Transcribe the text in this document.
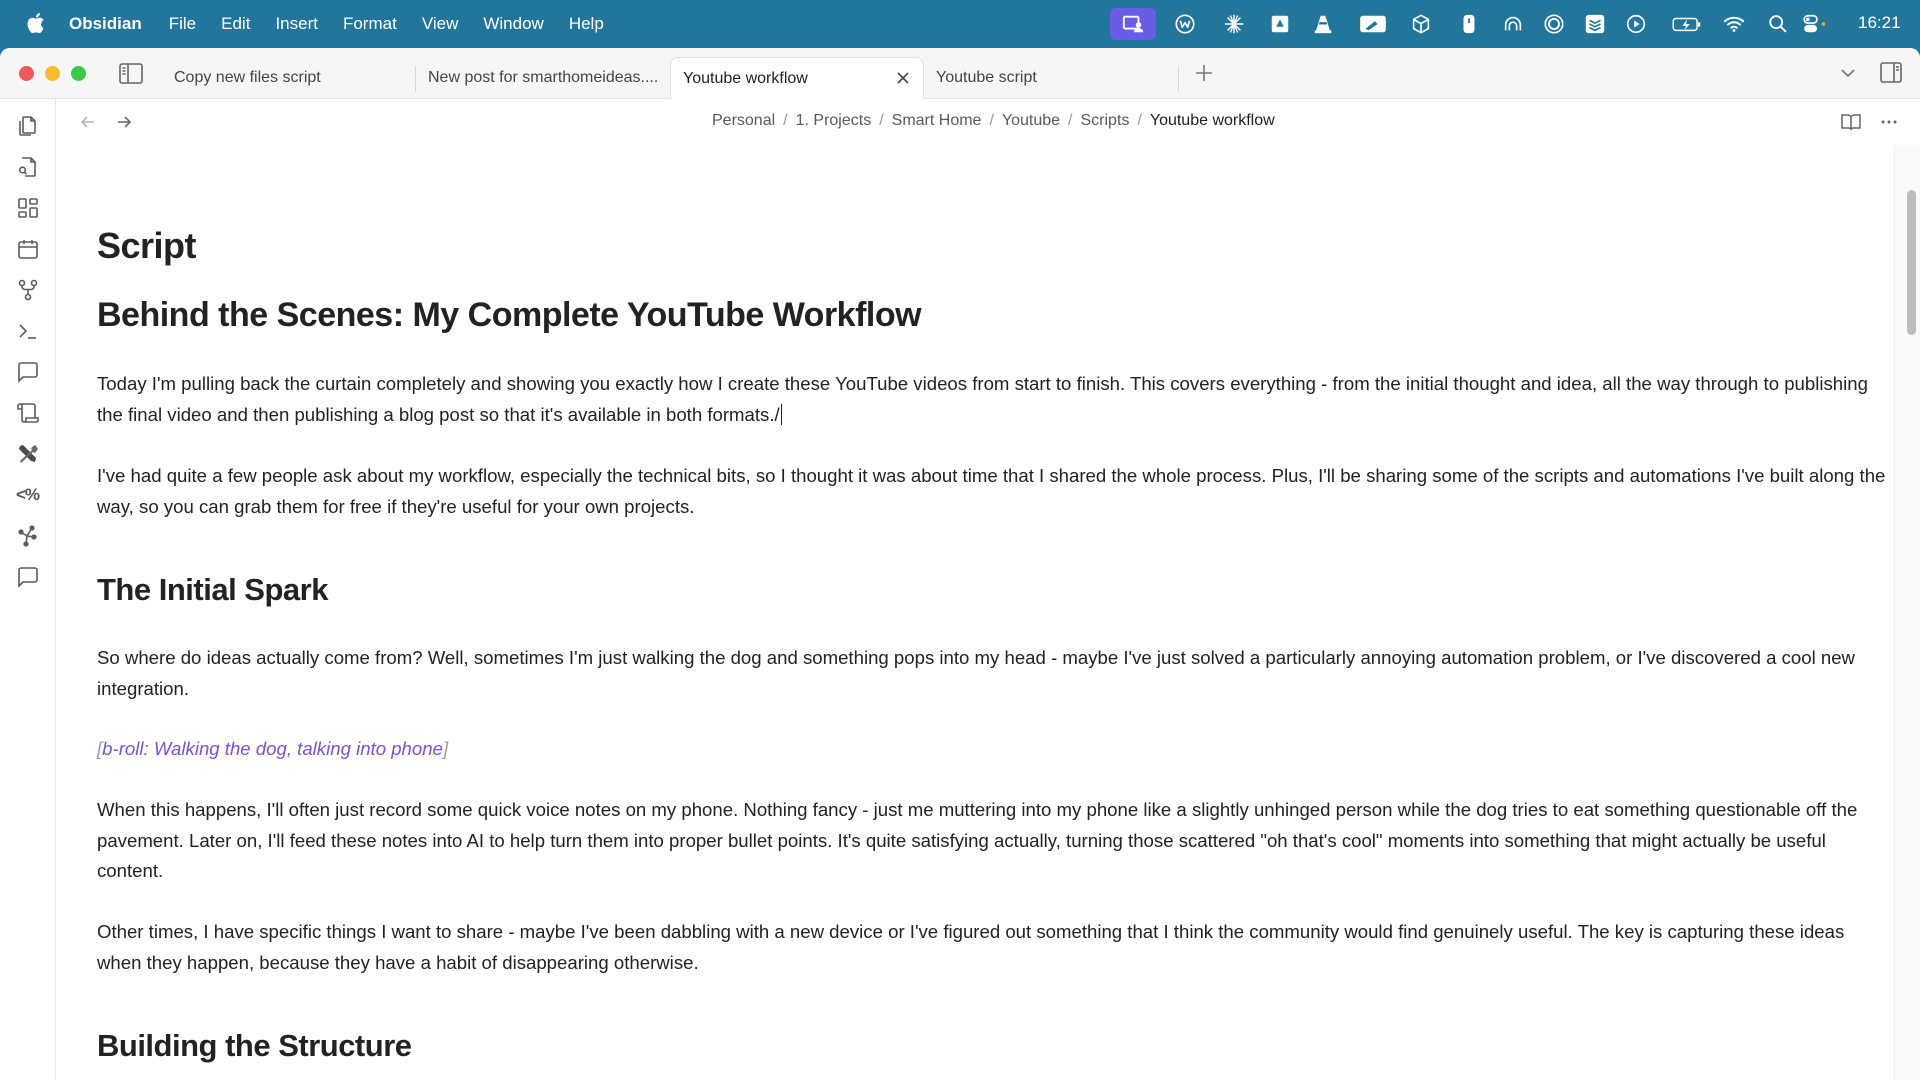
Obsidian File Edit Insert Format View Window Help	16:21
Copy new files script	New post for smarthomeideas.... Youtube workflow	Youtube script
<%
Personal / 1. Projects / Smart Home / Youtube / Scripts / Youtube workflow
Script
Behind the Scenes: My Complete YouTube Workflow

Today I'm pulling back the curtain completely and showing you exactly how I create these YouTube videos from start to finish. This covers everything - from the initial thought and idea, all the way through to publishing the final video and then publishing a blog post so that it's available in both formats./

I've had quite a few people ask about my workflow, especially the technical bits, so I thought it was about time that I shared the whole process. Plus, I'll be sharing some of the scripts and automations I've built along the way, so you can grab them for free if they're useful for your own projects.

The Initial Spark

So where do ideas actually come from? Well, sometimes I'm just walking the dog and something pops into my head - maybe I've just solved a particularly annoying automation problem, or I've discovered a cool new integration.

[b-roll: Walking the dog, talking into phone]

When this happens, I'll often just record some quick voice notes on my phone. Nothing fancy - just me muttering into my phone like a slightly unhinged person while the dog tries to eat something questionable off the pavement. Later on, I'll feed these notes into AI to help turn them into proper bullet points. It's quite satisfying actually, turning those scattered "oh that's cool" moments into something that might actually be useful content.

Other times, I have specific things I want to share - maybe I've been dabbling with a new device or I've figured out something that I think the community would find genuinely useful. The key is capturing these ideas when they happen, because they have a habit of disappearing otherwise.

Building the Structure
